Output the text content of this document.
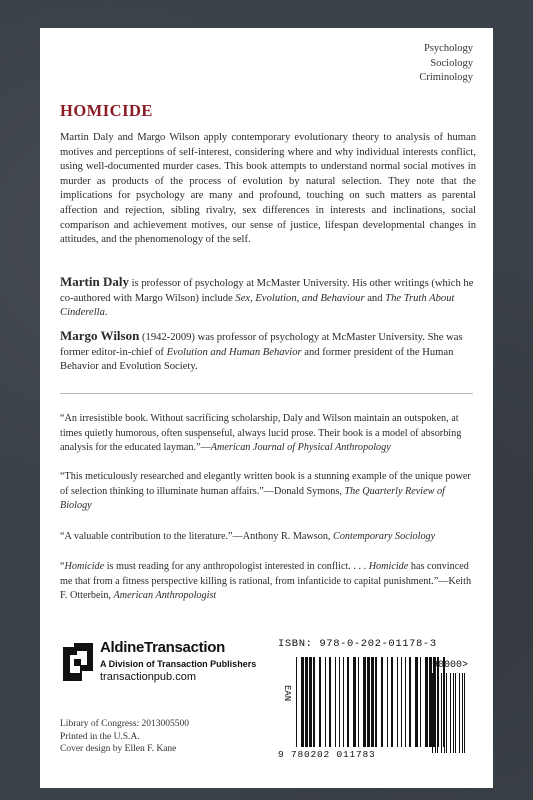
Psychology
Sociology
Criminology
HOMICIDE

Martin Daly and Margo Wilson apply contemporary evolutionary theory to analysis of human motives and perceptions of self-interest, considering where and why individual interests conflict, using well-documented murder cases. This book attempts to understand normal social motives in murder as products of the process of evolution by natural selection. They note that the implications for psychology are many and profound, touching on such matters as parental affection and rejection, sibling rivalry, sex differences in interests and inclinations, social comparison and achievement motives, our sense of justice, lifespan developmental changes in attitudes, and the phenomenology of the self.

Martin Daly is professor of psychology at McMaster University. His other writings (which he co-authored with Margo Wilson) include Sex, Evolution, and Behaviour and The Truth About Cinderella.

Margo Wilson (1942-2009) was professor of psychology at McMaster University. She was former editor-in-chief of Evolution and Human Behavior and former president of the Human Behavior and Evolution Society.

“An irresistible book. Without sacrificing scholarship, Daly and Wilson maintain an outspoken, at times quietly humorous, often suspenseful, always lucid prose. Their book is a model of absorbing analysis for the educated layman.”—American Journal of Physical Anthropology

“This meticulously researched and elegantly written book is a stunning example of the unique power of selection thinking to illuminate human affairs.”—Donald Symons, The Quarterly Review of Biology

“A valuable contribution to the literature.”—Anthony R. Mawson, Contemporary Sociology

“Homicide is must reading for any anthropologist interested in conflict. . . . Homicide has convinced me that from a fitness perspective killing is rational, from infanticide to capital punishment.”—Keith F. Otterbein, American Anthropologist

AldineTransaction
A Division of Transaction Publishers
transactionpub.com
ISBN: 978-0-202-01178-3
90000>
EAN
9 780202 011783
Library of Congress: 2013005500
Printed in the U.S.A.
Cover design by Ellen F. Kane
